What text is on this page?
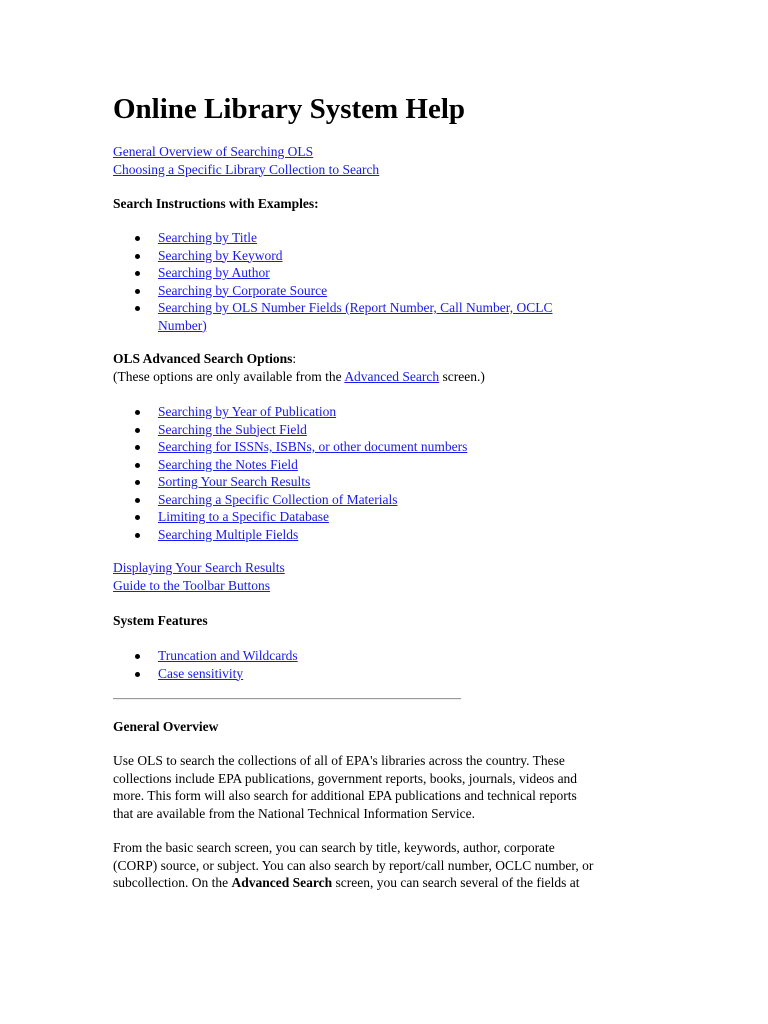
Online Library System Help
General Overview of Searching OLS
Choosing a Specific Library Collection to Search
Search Instructions with Examples:
Searching by Title
Searching by Keyword
Searching by Author
Searching by Corporate Source
Searching by OLS Number Fields (Report Number, Call Number, OCLC
Number)
OLS Advanced Search Options:
(These options are only available from the Advanced Search screen.)
Searching by Year of Publication
Searching the Subject Field
Searching for ISSNs, ISBNs, or other document numbers
Searching the Notes Field
Sorting Your Search Results
Searching a Specific Collection of Materials
Limiting to a Specific Database
Searching Multiple Fields
Displaying Your Search Results
Guide to the Toolbar Buttons
System Features
Truncation and Wildcards
Case sensitivity
General Overview
Use OLS to search the collections of all of EPA's libraries across the country. These
collections include EPA publications, government reports, books, journals, videos and
more. This form will also search for additional EPA publications and technical reports
that are available from the National Technical Information Service.
From the basic search screen, you can search by title, keywords, author, corporate
(CORP) source, or subject. You can also search by report/call number, OCLC number, or
subcollection. On the Advanced Search screen, you can search several of the fields at
